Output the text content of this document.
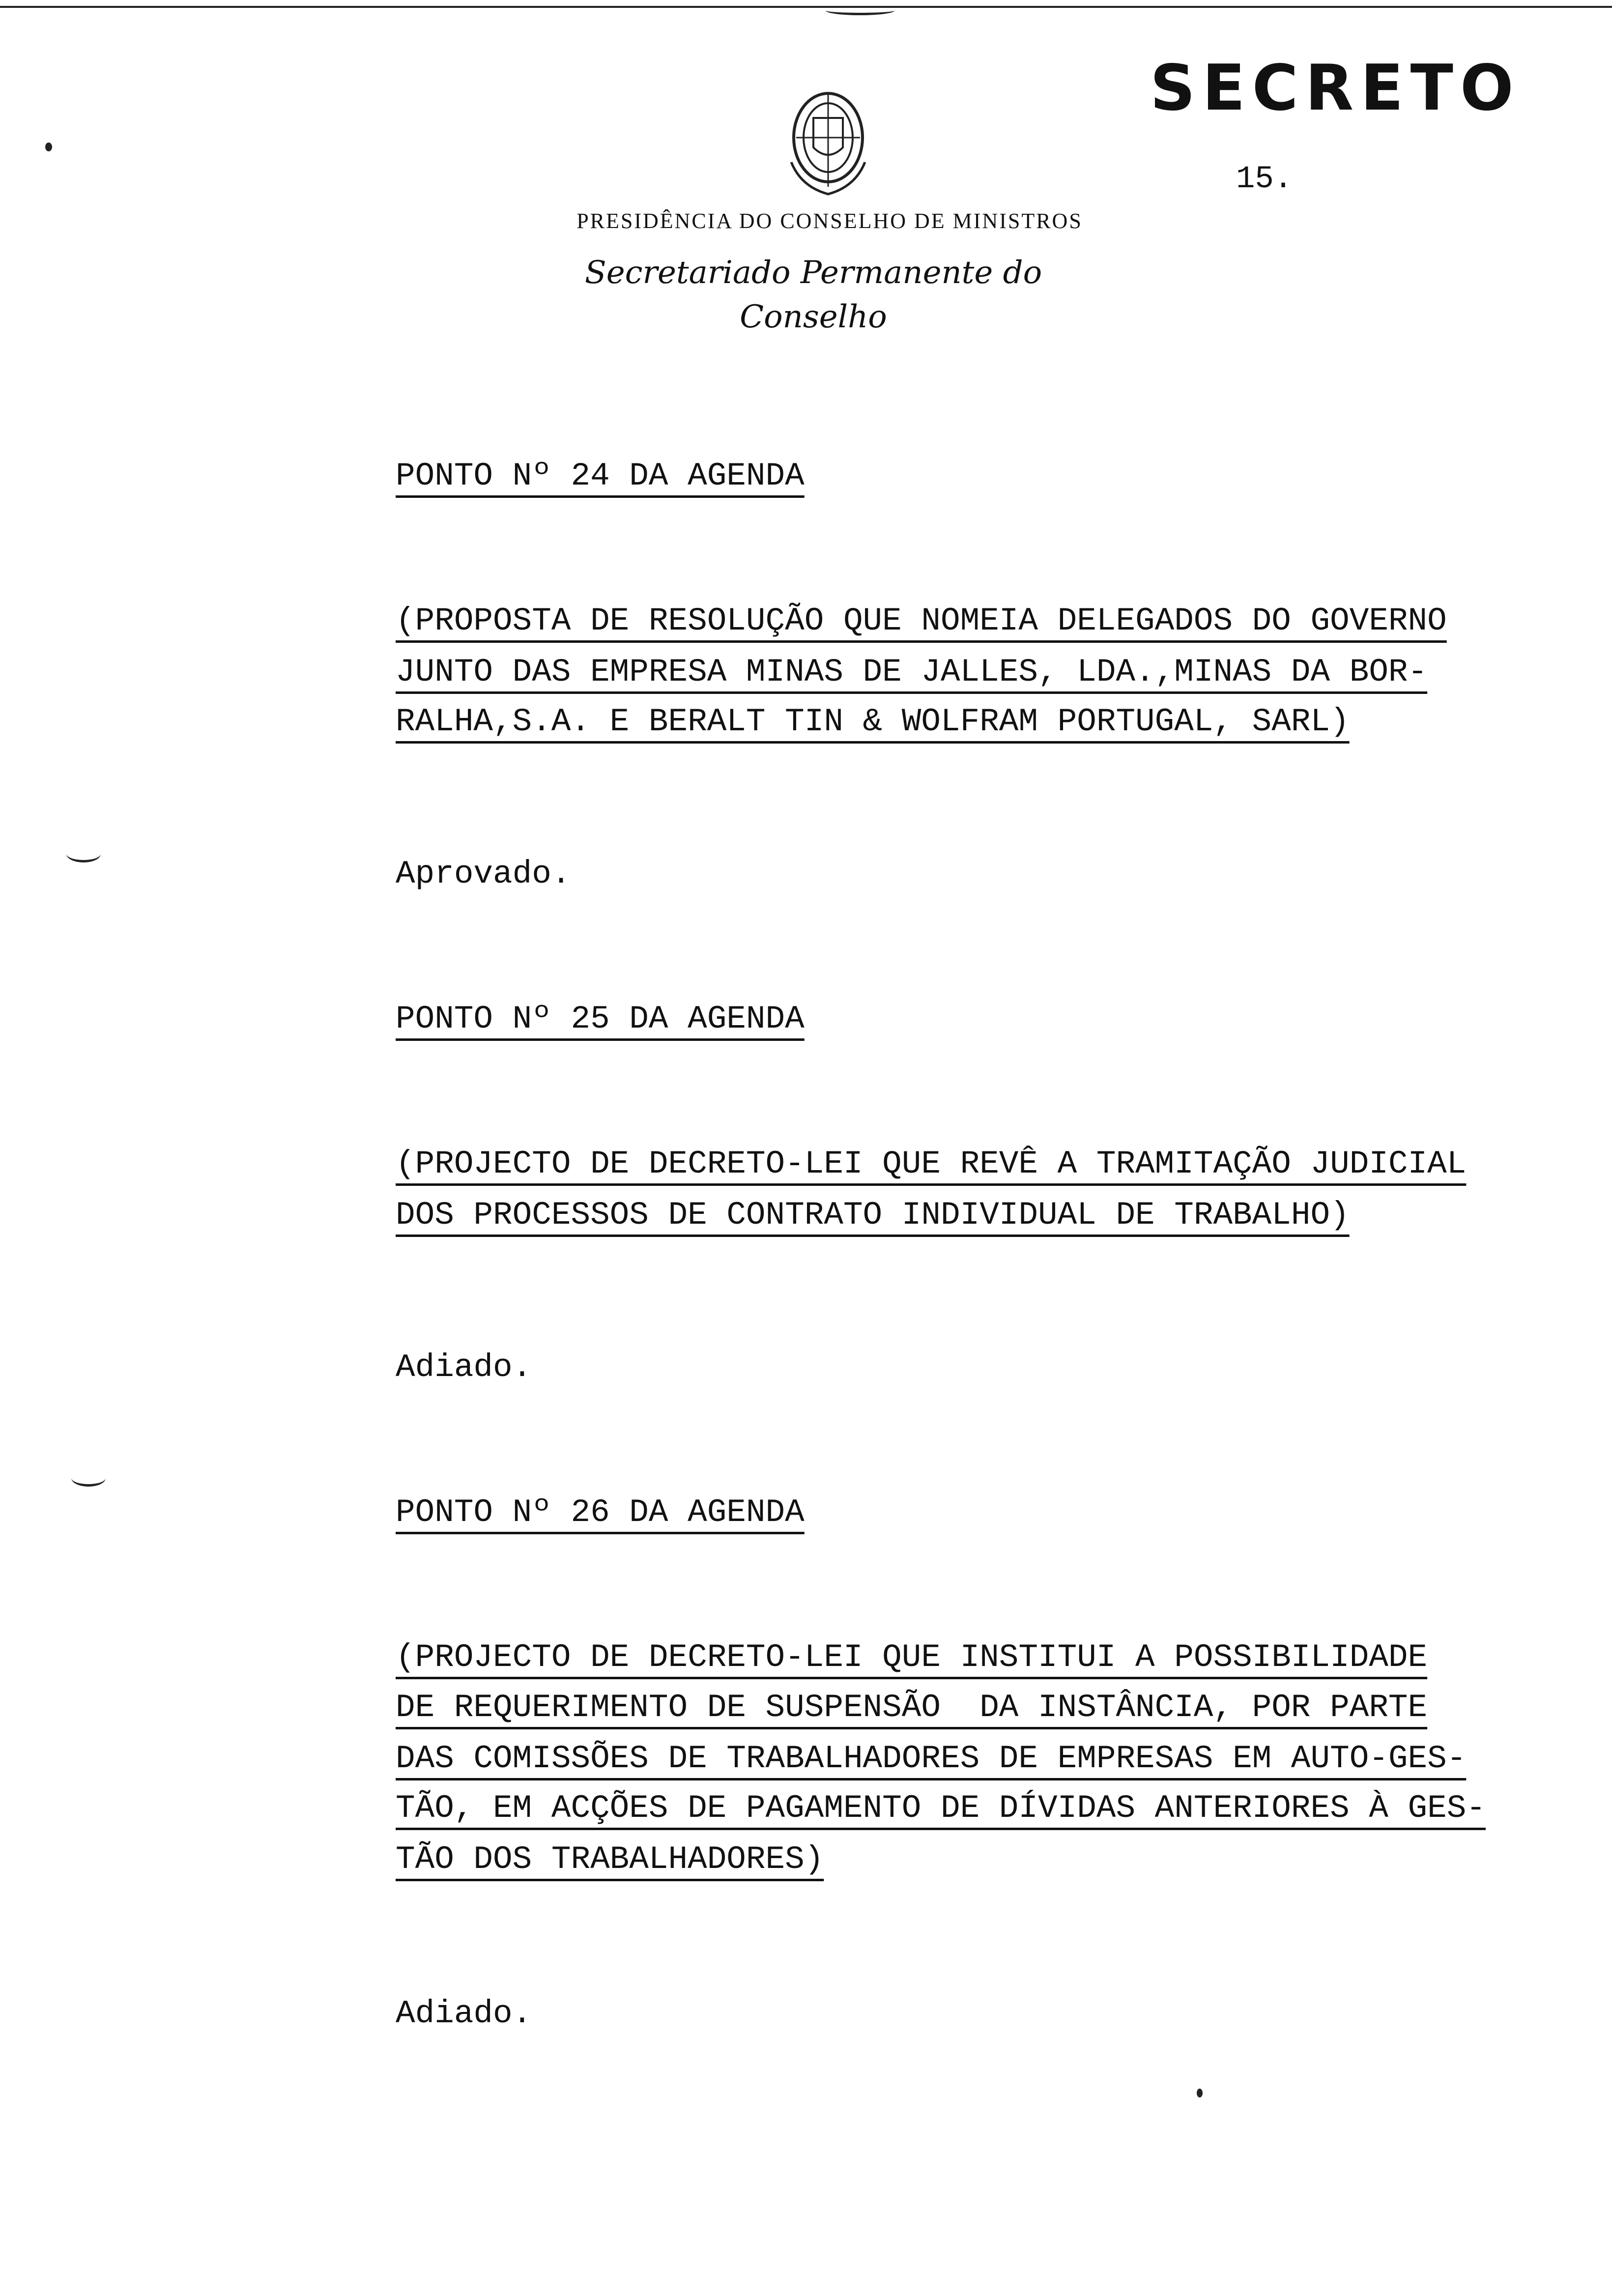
SECRETO
15.
PRESIDÊNCIA DO CONSELHO DE MINISTROS
Secretariado Permanente do Conselho
PONTO Nº 24 DA AGENDA
(PROPOSTA DE RESOLUÇÃO QUE NOMEIA DELEGADOS DO GOVERNO
JUNTO DAS EMPRESA MINAS DE JALLES, LDA.,MINAS DA BOR-
RALHA,S.A. E BERALT TIN & WOLFRAM PORTUGAL, SARL)
Aprovado.
PONTO Nº 25 DA AGENDA
(PROJECTO DE DECRETO-LEI QUE REVÊ A TRAMITAÇÃO JUDICIAL
DOS PROCESSOS DE CONTRATO INDIVIDUAL DE TRABALHO)
Adiado.
PONTO Nº 26 DA AGENDA
(PROJECTO DE DECRETO-LEI QUE INSTITUI A POSSIBILIDADE
DE REQUERIMENTO DE SUSPENSÃO  DA INSTÂNCIA, POR PARTE
DAS COMISSÕES DE TRABALHADORES DE EMPRESAS EM AUTO-GES-
TÃO, EM ACÇÕES DE PAGAMENTO DE DÍVIDAS ANTERIORES À GES-
TÃO DOS TRABALHADORES)
Adiado.
